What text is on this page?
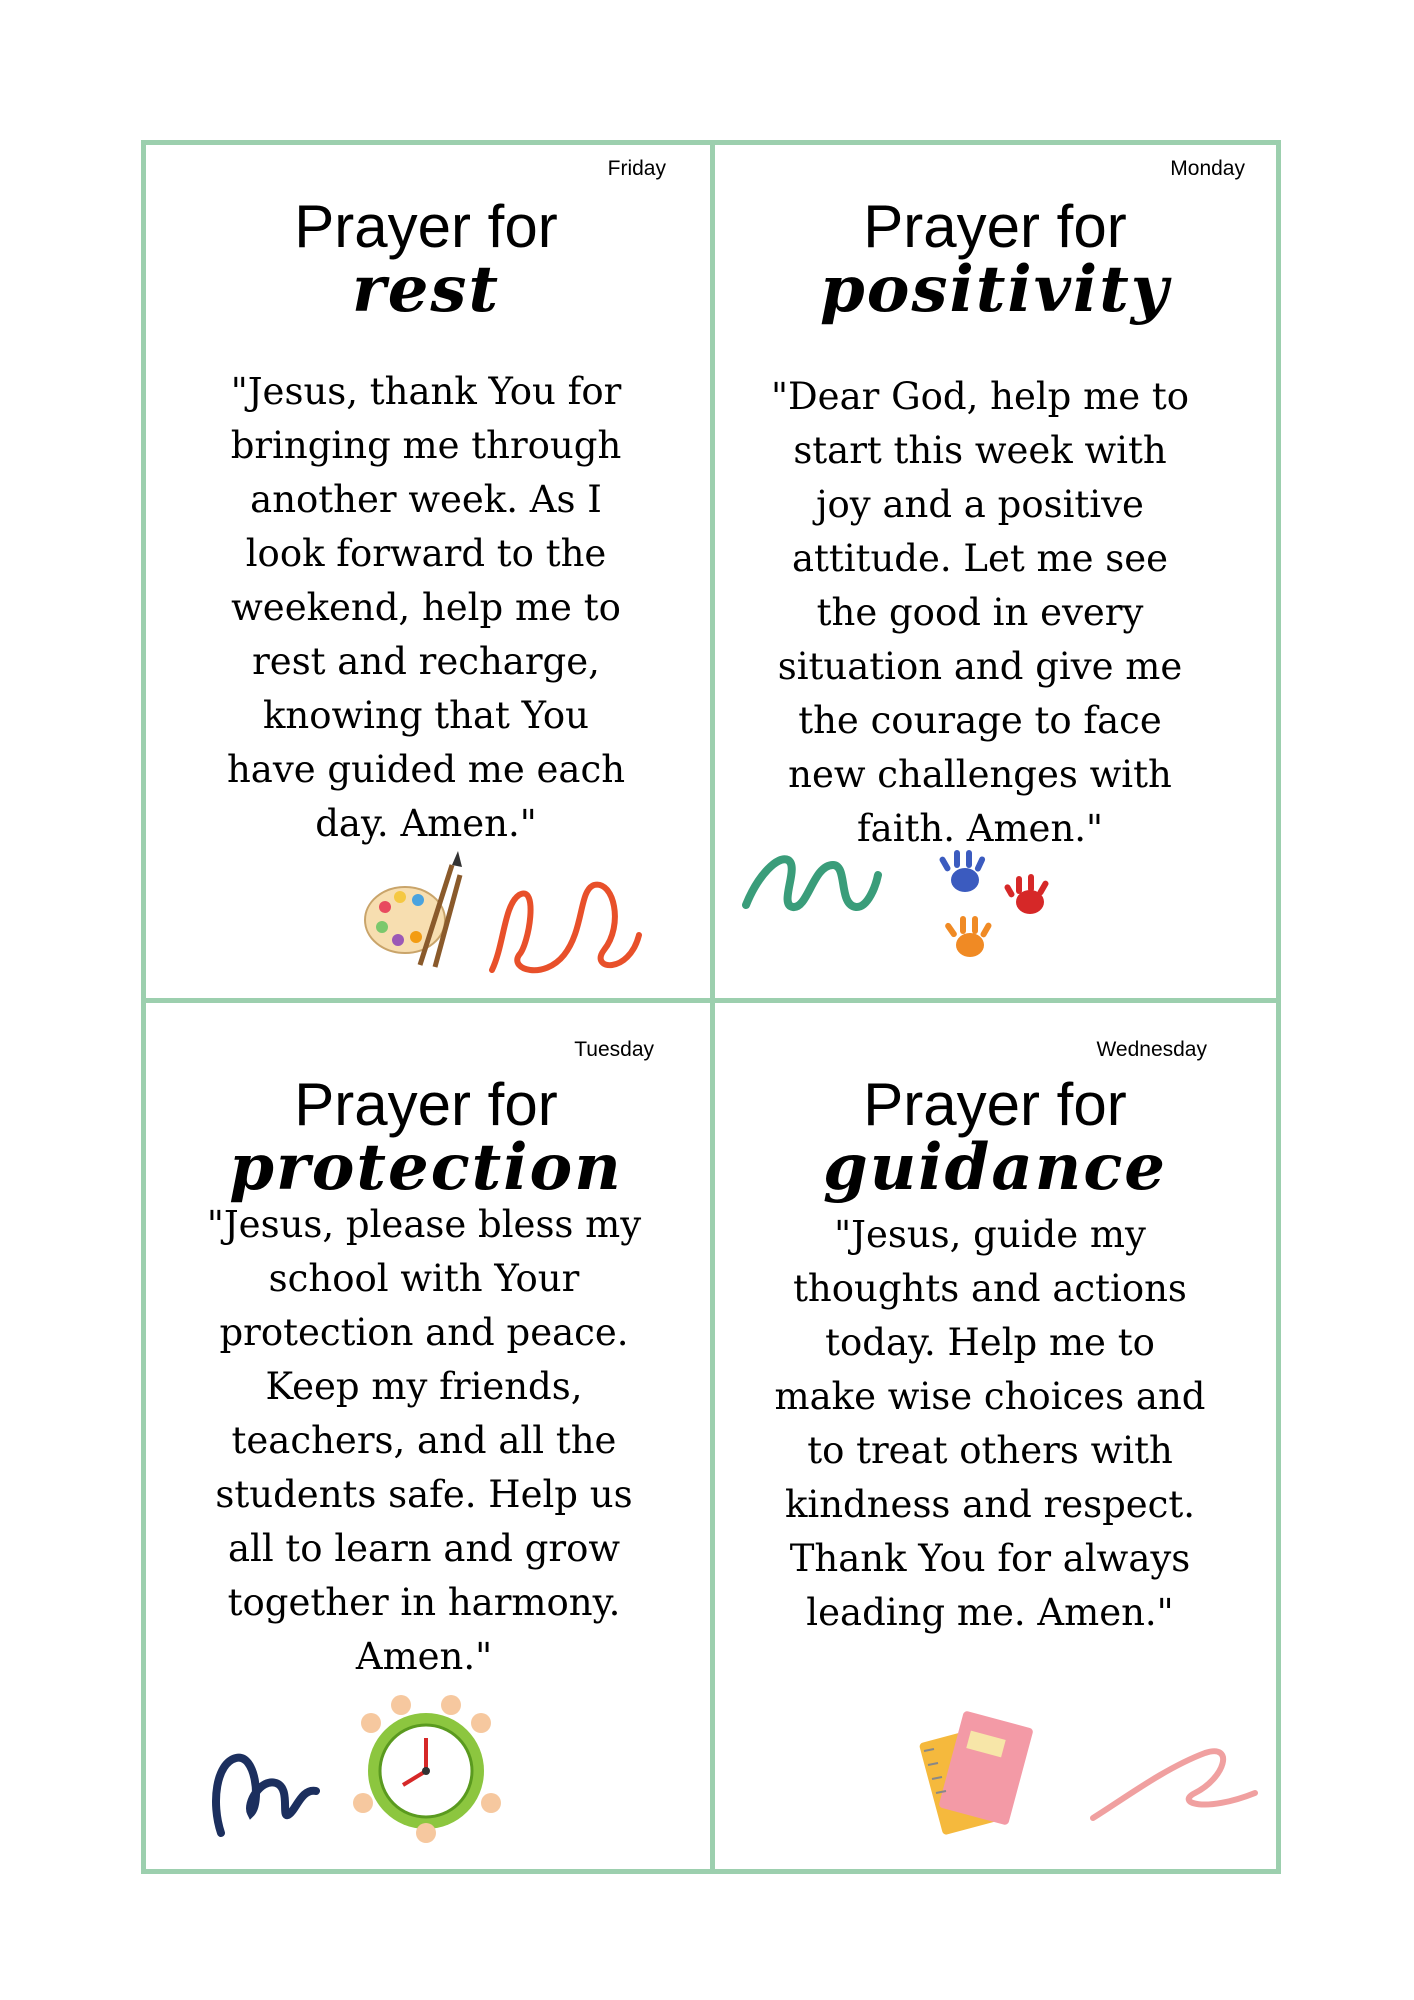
Friday
Prayer for
rest
"Jesus, thank You for bringing me through another week. As I look forward to the weekend, help me to rest and recharge, knowing that You have guided me each day. Amen."
Monday
Prayer for
positivity
"Dear God, help me to start this week with joy and a positive attitude. Let me see the good in every situation and give me the courage to face new challenges with faith. Amen."
Tuesday
Prayer for
protection
"Jesus, please bless my school with Your protection and peace. Keep my friends, teachers, and all the students safe. Help us all to learn and grow together in harmony. Amen."
Wednesday
Prayer for
guidance
"Jesus, guide my thoughts and actions today. Help me to make wise choices and to treat others with kindness and respect. Thank You for always leading me. Amen."
